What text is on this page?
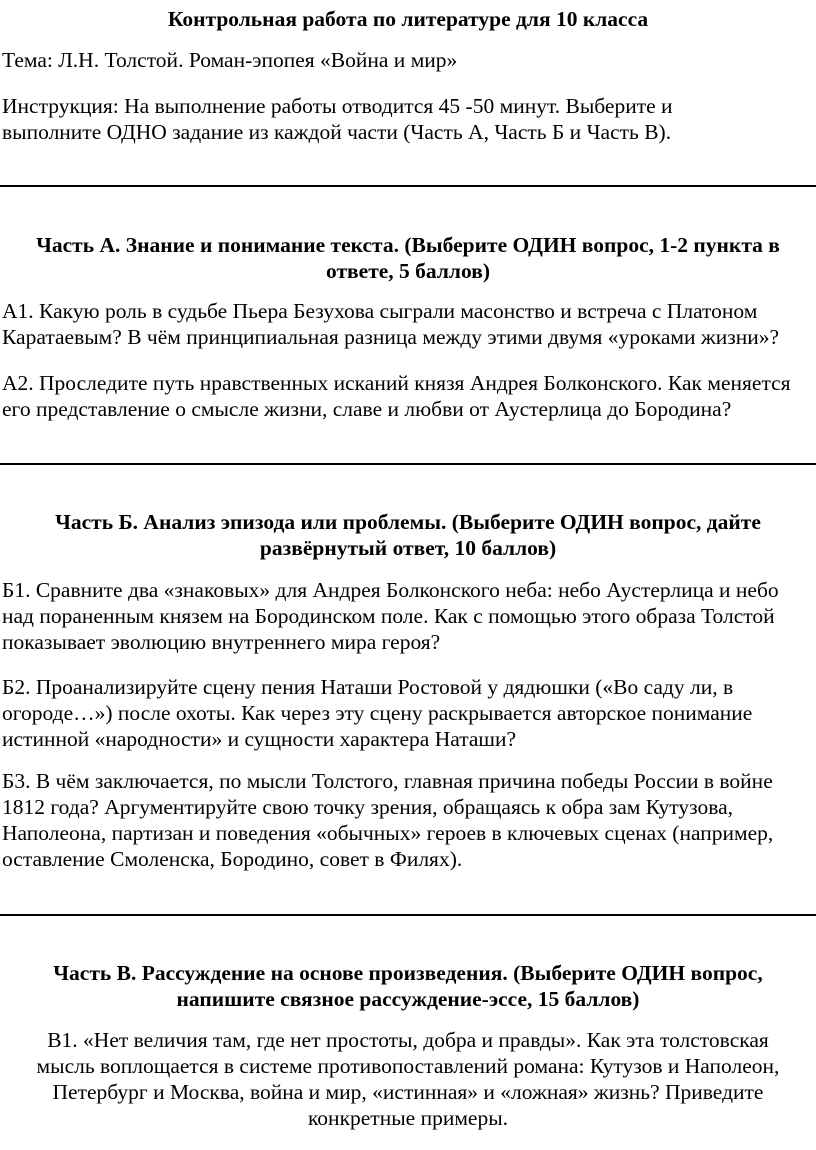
Контрольная работа по литературе для 10 класса
Тема: Л.Н. Толстой. Роман-эпопея «Война и мир»
Инструкция: На выполнение работы отводится 45 -50 минут. Выберите и
выполните ОДНО задание из каждой части (Часть А, Часть Б и Часть В).
Часть А. Знание и понимание текста. (Выберите ОДИН вопрос, 1-2 пункта в
ответе, 5 баллов)
А1. Какую роль в судьбе Пьера Безухова сыграли масонство и встреча с Платоном
Каратаевым? В чём принципиальная разница между этими двумя «уроками жизни»?
А2. Проследите путь нравственных исканий князя Андрея Болконского. Как меняется
его представление о смысле жизни, славе и любви от Аустерлица до Бородина?
Часть Б. Анализ эпизода или проблемы. (Выберите ОДИН вопрос, дайте
развёрнутый ответ, 10 баллов)
Б1. Сравните два «знаковых» для Андрея Болконского неба: небо Аустерлица и небо
над пораненным князем на Бородинском поле. Как с помощью этого образа Толстой
показывает эволюцию внутреннего мира героя?
Б2. Проанализируйте сцену пения Наташи Ростовой у дядюшки («Во саду ли, в
огороде…») после охоты. Как через эту сцену раскрывается авторское понимание
истинной «народности» и сущности характера Наташи?
Б3. В чём заключается, по мысли Толстого, главная причина победы России в войне
1812 года? Аргументируйте свою точку зрения, обращаясь к обра зам Кутузова,
Наполеона, партизан и поведения «обычных» героев в ключевых сценах (например,
оставление Смоленска, Бородино, совет в Филях).
Часть В. Рассуждение на основе произведения. (Выберите ОДИН вопрос,
напишите связное рассуждение-эссе, 15 баллов)
В1. «Нет величия там, где нет простоты, добра и правды». Как эта толстовская
мысль воплощается в системе противопоставлений романа: Кутузов и Наполеон,
Петербург и Москва, война и мир, «истинная» и «ложная» жизнь? Приведите
конкретные примеры.
